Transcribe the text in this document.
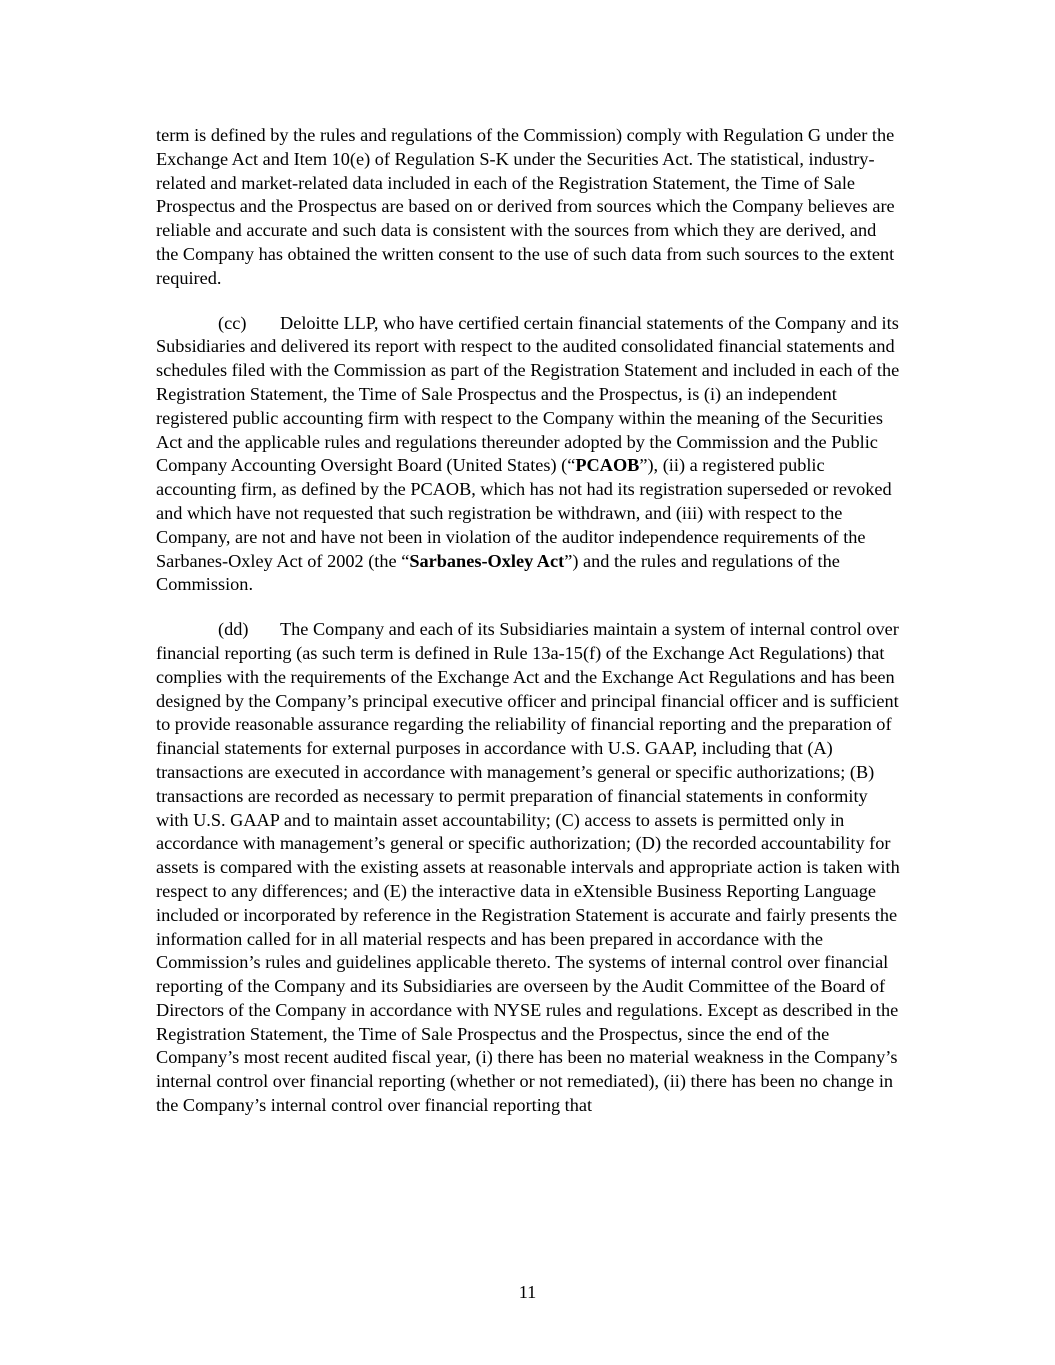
term is defined by the rules and regulations of the Commission) comply with Regulation G under the Exchange Act and Item 10(e) of Regulation S-K under the Securities Act. The statistical, industry-related and market-related data included in each of the Registration Statement, the Time of Sale Prospectus and the Prospectus are based on or derived from sources which the Company believes are reliable and accurate and such data is consistent with the sources from which they are derived, and the Company has obtained the written consent to the use of such data from such sources to the extent required.

(cc) Deloitte LLP, who have certified certain financial statements of the Company and its Subsidiaries and delivered its report with respect to the audited consolidated financial statements and schedules filed with the Commission as part of the Registration Statement and included in each of the Registration Statement, the Time of Sale Prospectus and the Prospectus, is (i) an independent registered public accounting firm with respect to the Company within the meaning of the Securities Act and the applicable rules and regulations thereunder adopted by the Commission and the Public Company Accounting Oversight Board (United States) (“PCAOB”), (ii) a registered public accounting firm, as defined by the PCAOB, which has not had its registration superseded or revoked and which have not requested that such registration be withdrawn, and (iii) with respect to the Company, are not and have not been in violation of the auditor independence requirements of the Sarbanes-Oxley Act of 2002 (the “Sarbanes-Oxley Act”) and the rules and regulations of the Commission.

(dd) The Company and each of its Subsidiaries maintain a system of internal control over financial reporting (as such term is defined in Rule 13a-15(f) of the Exchange Act Regulations) that complies with the requirements of the Exchange Act and the Exchange Act Regulations and has been designed by the Company’s principal executive officer and principal financial officer and is sufficient to provide reasonable assurance regarding the reliability of financial reporting and the preparation of financial statements for external purposes in accordance with U.S. GAAP, including that (A) transactions are executed in accordance with management’s general or specific authorizations; (B) transactions are recorded as necessary to permit preparation of financial statements in conformity with U.S. GAAP and to maintain asset accountability; (C) access to assets is permitted only in accordance with management’s general or specific authorization; (D) the recorded accountability for assets is compared with the existing assets at reasonable intervals and appropriate action is taken with respect to any differences; and (E) the interactive data in eXtensible Business Reporting Language included or incorporated by reference in the Registration Statement is accurate and fairly presents the information called for in all material respects and has been prepared in accordance with the Commission’s rules and guidelines applicable thereto. The systems of internal control over financial reporting of the Company and its Subsidiaries are overseen by the Audit Committee of the Board of Directors of the Company in accordance with NYSE rules and regulations. Except as described in the Registration Statement, the Time of Sale Prospectus and the Prospectus, since the end of the Company’s most recent audited fiscal year, (i) there has been no material weakness in the Company’s internal control over financial reporting (whether or not remediated), (ii) there has been no change in the Company’s internal control over financial reporting that

11
